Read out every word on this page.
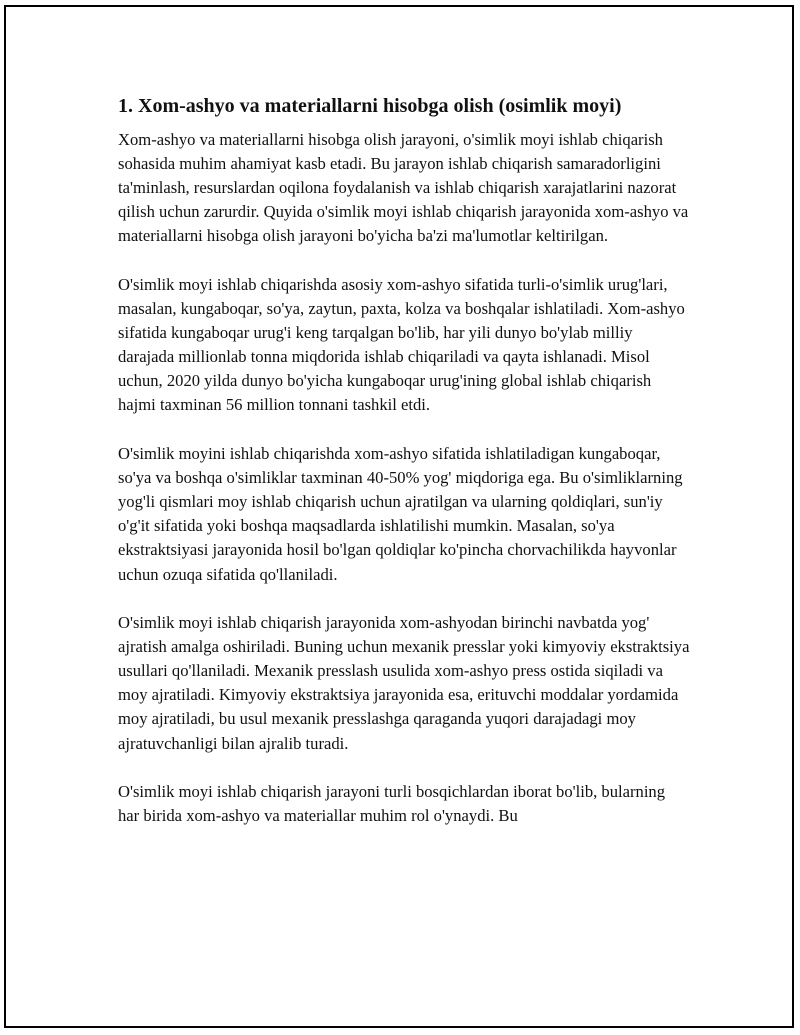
1. Xom-ashyo va materiallarni hisobga olish (osimlik moyi)

Xom-ashyo va materiallarni hisobga olish jarayoni, o'simlik moyi ishlab chiqarish sohasida muhim ahamiyat kasb etadi. Bu jarayon ishlab chiqarish samaradorligini ta'minlash, resurslardan oqilona foydalanish va ishlab chiqarish xarajatlarini nazorat qilish uchun zarurdir. Quyida o'simlik moyi ishlab chiqarish jarayonida xom-ashyo va materiallarni hisobga olish jarayoni bo'yicha ba'zi ma'lumotlar keltirilgan.

O'simlik moyi ishlab chiqarishda asosiy xom-ashyo sifatida turli-o'simlik urug'lari, masalan, kungaboqar, so'ya, zaytun, paxta, kolza va boshqalar ishlatiladi. Xom-ashyo sifatida kungaboqar urug'i keng tarqalgan bo'lib, har yili dunyo bo'ylab milliy darajada millionlab tonna miqdorida ishlab chiqariladi va qayta ishlanadi. Misol uchun, 2020 yilda dunyo bo'yicha kungaboqar urug'ining global ishlab chiqarish hajmi taxminan 56 million tonnani tashkil etdi.

O'simlik moyini ishlab chiqarishda xom-ashyo sifatida ishlatiladigan kungaboqar, so'ya va boshqa o'simliklar taxminan 40-50% yog' miqdoriga ega. Bu o'simliklarning yog'li qismlari moy ishlab chiqarish uchun ajratilgan va ularning qoldiqlari, sun'iy o'g'it sifatida yoki boshqa maqsadlarda ishlatilishi mumkin. Masalan, so'ya ekstraktsiyasi jarayonida hosil bo'lgan qoldiqlar ko'pincha chorvachilikda hayvonlar uchun ozuqa sifatida qo'llaniladi.

O'simlik moyi ishlab chiqarish jarayonida xom-ashyodan birinchi navbatda yog' ajratish amalga oshiriladi. Buning uchun mexanik presslar yoki kimyoviy ekstraktsiya usullari qo'llaniladi. Mexanik presslash usulida xom-ashyo press ostida siqiladi va moy ajratiladi. Kimyoviy ekstraktsiya jarayonida esa, erituvchi moddalar yordamida moy ajratiladi, bu usul mexanik presslashga qaraganda yuqori darajadagi moy ajratuvchanligi bilan ajralib turadi.

O'simlik moyi ishlab chiqarish jarayoni turli bosqichlardan iborat bo'lib, bularning har birida xom-ashyo va materiallar muhim rol o'ynaydi. Bu
